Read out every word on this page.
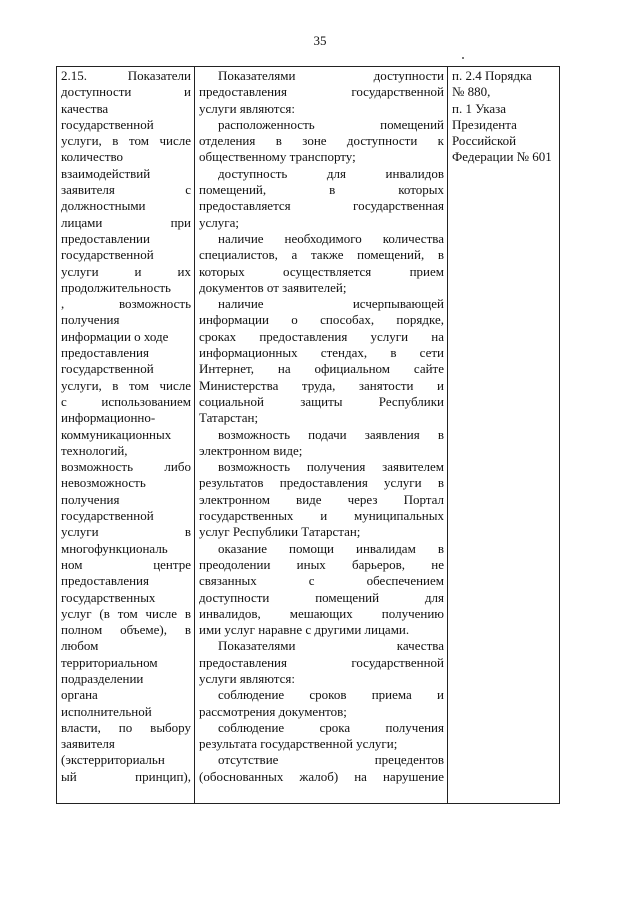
35
2.15. Показатели
доступности и
качества
государственной
услуги, в том числе
количество
взаимодействий
заявителя с
должностными
лицами при
предоставлении
государственной
услуги и их
продолжительность
, возможность
получения
информации о ходе
предоставления
государственной
услуги, в том числе
с использованием
информационно-
коммуникационных
технологий,
возможность либо
невозможность
получения
государственной
услуги в
многофункциональ
ном центре
предоставления
государственных
услуг (в том числе в
полном объеме), в
любом
территориальном
подразделении
органа
исполнительной
власти, по выбору
заявителя
(экстерриториальн
ый принцип),

Показателями доступности
предоставления государственной
услуги являются:
расположенность помещений
отделения в зоне доступности к
общественному транспорту;
доступность для инвалидов
помещений, в которых
предоставляется государственная
услуга;
наличие необходимого количества
специалистов, а также помещений, в
которых осуществляется прием
документов от заявителей;
наличие исчерпывающей
информации о способах, порядке,
сроках предоставления услуги на
информационных стендах, в сети
Интернет, на официальном сайте
Министерства труда, занятости и
социальной защиты Республики
Татарстан;
возможность подачи заявления в
электронном виде;
возможность получения заявителем
результатов предоставления услуги в
электронном виде через Портал
государственных и муниципальных
услуг Республики Татарстан;
оказание помощи инвалидам в
преодолении иных барьеров, не
связанных с обеспечением
доступности помещений для
инвалидов, мешающих получению
ими услуг наравне с другими лицами.
Показателями качества
предоставления государственной
услуги являются:
соблюдение сроков приема и
рассмотрения документов;
соблюдение срока получения
результата государственной услуги;
отсутствие прецедентов
(обоснованных жалоб) на нарушение

п. 2.4 Порядка
№ 880,
п. 1 Указа
Президента
Российской
Федерации № 601
